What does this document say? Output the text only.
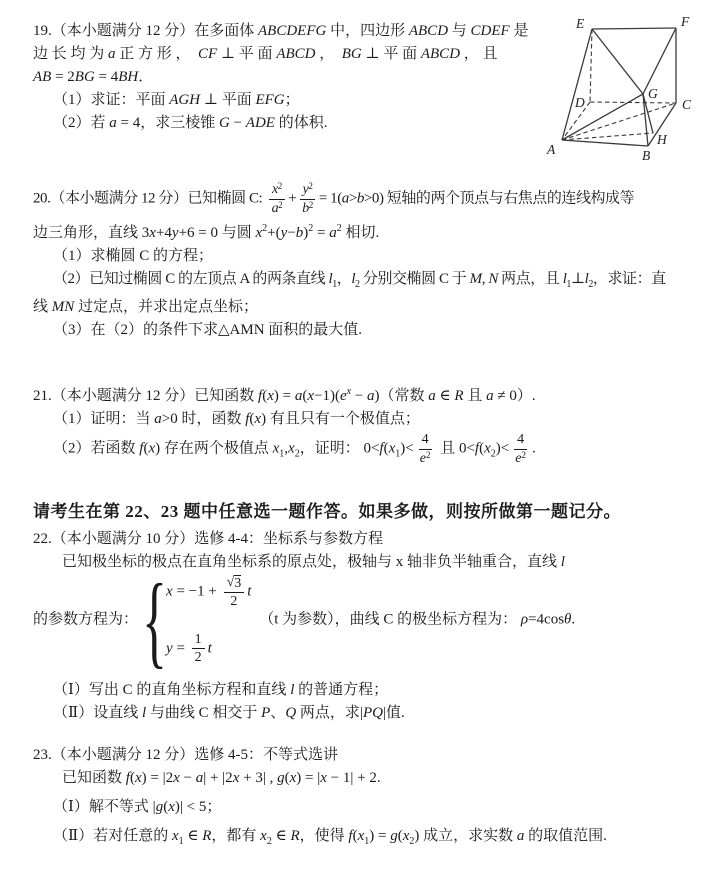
19.（本小题满分 12 分）在多面体 ABCDEFG 中，四边形 ABCD 与 CDEF 是
边 长 均 为 a 正 方 形 ，  CF ⊥ 平 面 ABCD ，  BG ⊥ 平 面 ABCD ， 且
AB = 2BG = 4BH．
（1）求证：平面 AGH ⊥ 平面 EFG；
（2）若 a = 4，求三棱锥 G − ADE 的体积.
20.（本小题满分 12 分）已知椭圆 C: $\frac{x^2}{a^2} + \frac{y^2}{b^2} = 1(a>b>0)$ 短轴的两个顶点与右焦点的连线构成等
边三角形，直线 3x+4y+6 = 0 与圆 $x^2+(y-b)^2 = a^2$ 相切.
（1）求椭圆 C 的方程；
（2）已知过椭圆 C 的左顶点 A 的两条直线 $l_1$，$l_2$ 分别交椭圆 C 于 M, N 两点，且 $l_1\perp l_2$，求证：直
线 MN 过定点，并求出定点坐标；
（3）在（2）的条件下求△AMN 面积的最大值.
21.（本小题满分 12 分）已知函数 $f(x) = a(x-1)(e^x - a)$（常数 a ∈ R 且 a ≠ 0）.
（1）证明：当 a>0 时，函数 f(x) 有且只有一个极值点；
（2）若函数 f(x) 存在两个极值点 $x_1,x_2$，证明： $0<f(x_1)< \frac{4}{e^2}$ 且 $0<f(x_2)< \frac{4}{e^2}$ .
请考生在第 22、23 题中任意选一题作答。如果多做，则按所做第一题记分。
22.（本小题满分 10 分）选修 4-4：坐标系与参数方程
已知极坐标的极点在直角坐标系的原点处，极轴与 x 轴非负半轴重合，直线 l
的参数方程为： { $x = -1 + \frac{√ 3}{2}$ t
$y = \frac{1}{2}$ t
（t 为参数），曲线 C 的极坐标方程为： ρ=4cosθ.
（Ⅰ）写出 C 的直角坐标方程和直线 l 的普通方程；
（Ⅱ）设直线 l 与曲线 C 相交于 P、Q 两点，求|PQ|值.
23.（本小题满分 12 分）选修 4-5：不等式选讲
已知函数 f(x) = |2x − a| + |2x + 3| , g(x) = |x − 1| + 2.
（Ⅰ）解不等式 |g(x)| < 5；
（Ⅱ）若对任意的 $x_1$ ∈ R，都有 $x_2$ ∈ R，使得 $f(x_1) = g(x_2)$ 成立，求实数 a 的取值范围.
E	F
D
G
C
A	B
H
